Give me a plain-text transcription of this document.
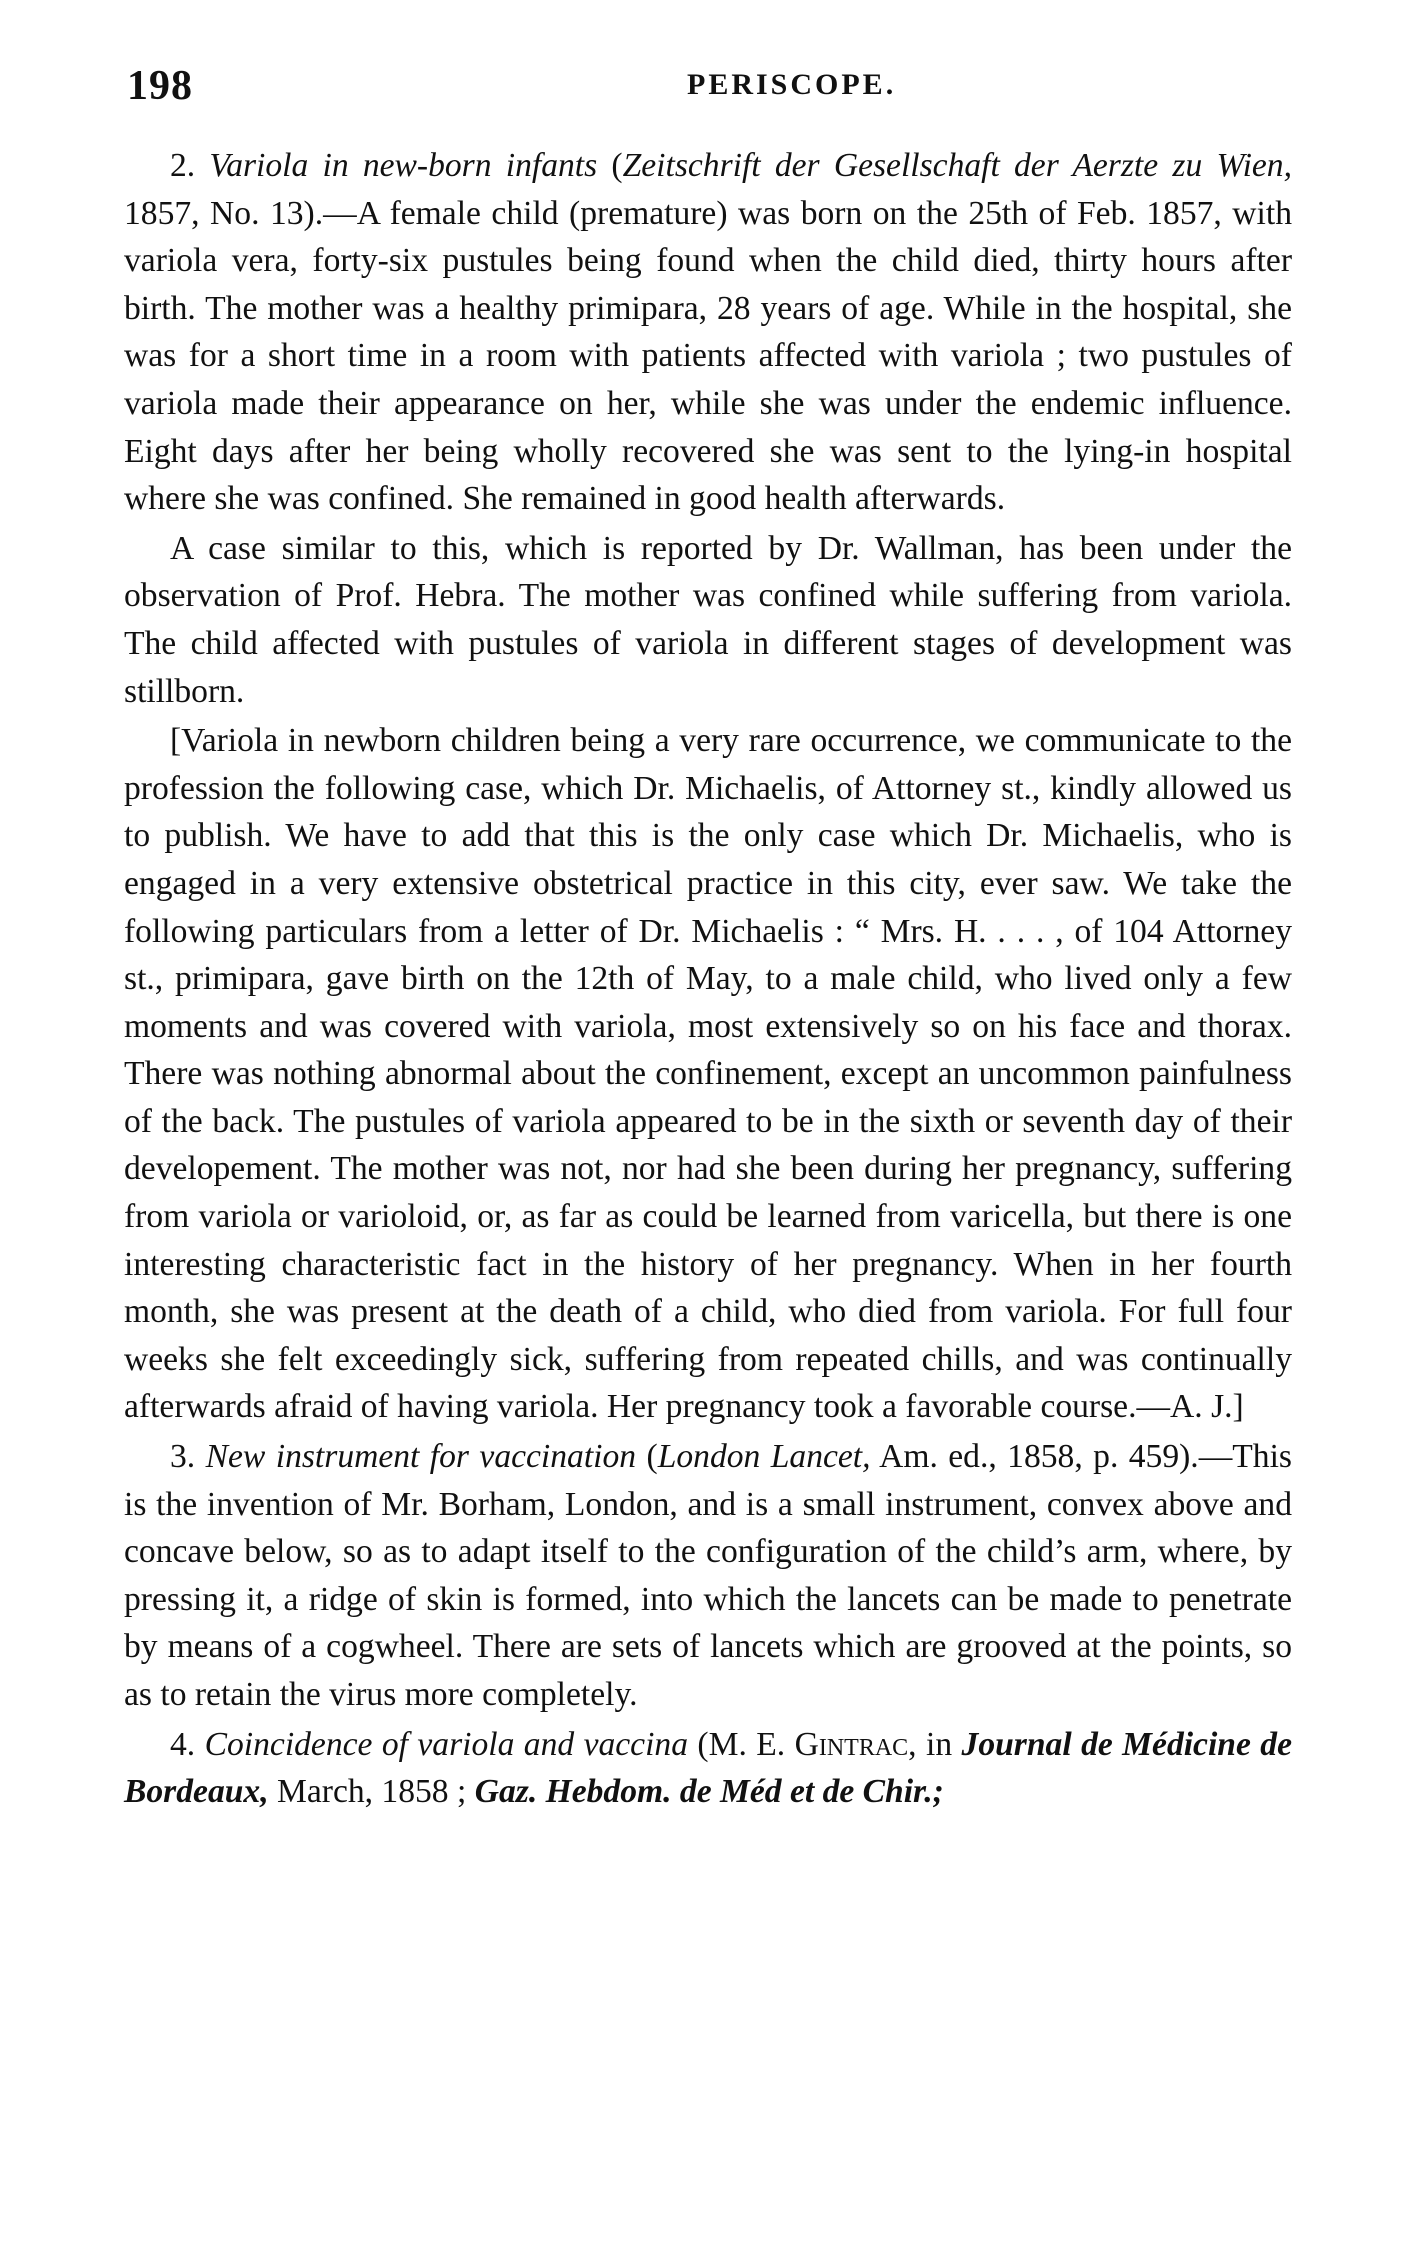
198	PERISCOPE.

2. Variola in new-born infants (Zeitschrift der Gesellschaft der Aerzte zu Wien, 1857, No. 13).—A female child (premature) was born on the 25th of Feb. 1857, with variola vera, forty-six pustules being found when the child died, thirty hours after birth. The mother was a healthy primipara, 28 years of age. While in the hospital, she was for a short time in a room with patients affected with variola ; two pustules of variola made their appearance on her, while she was under the endemic influence. Eight days after her being wholly recovered she was sent to the lying-in hospital where she was confined. She remained in good health afterwards.

A case similar to this, which is reported by Dr. Wallman, has been under the observation of Prof. Hebra. The mother was confined while suffering from variola. The child affected with pustules of variola in different stages of development was stillborn.

[Variola in newborn children being a very rare occurrence, we communicate to the profession the following case, which Dr. Michaelis, of Attorney st., kindly allowed us to publish. We have to add that this is the only case which Dr. Michaelis, who is engaged in a very extensive obstetrical practice in this city, ever saw. We take the following particulars from a letter of Dr. Michaelis : “ Mrs. H. . . . , of 104 Attorney st., primipara, gave birth on the 12th of May, to a male child, who lived only a few moments and was covered with variola, most extensively so on his face and thorax. There was nothing abnormal about the confinement, except an uncommon painfulness of the back. The pustules of variola appeared to be in the sixth or seventh day of their developement. The mother was not, nor had she been during her pregnancy, suffering from variola or varioloid, or, as far as could be learned from varicella, but there is one interesting characteristic fact in the history of her pregnancy. When in her fourth month, she was present at the death of a child, who died from variola. For full four weeks she felt exceedingly sick, suffering from repeated chills, and was continually afterwards afraid of having variola. Her pregnancy took a favorable course.—A. J.]

3. New instrument for vaccination (London Lancet, Am. ed., 1858, p. 459).—This is the invention of Mr. Borham, London, and is a small instrument, convex above and concave below, so as to adapt itself to the configuration of the child’s arm, where, by pressing it, a ridge of skin is formed, into which the lancets can be made to penetrate by means of a cogwheel. There are sets of lancets which are grooved at the points, so as to retain the virus more completely.

4. Coincidence of variola and vaccina (M. E. Gintrac, in Journal de Médicine de Bordeaux, March, 1858 ; Gaz. Hebdom. de Méd et de Chir.;
